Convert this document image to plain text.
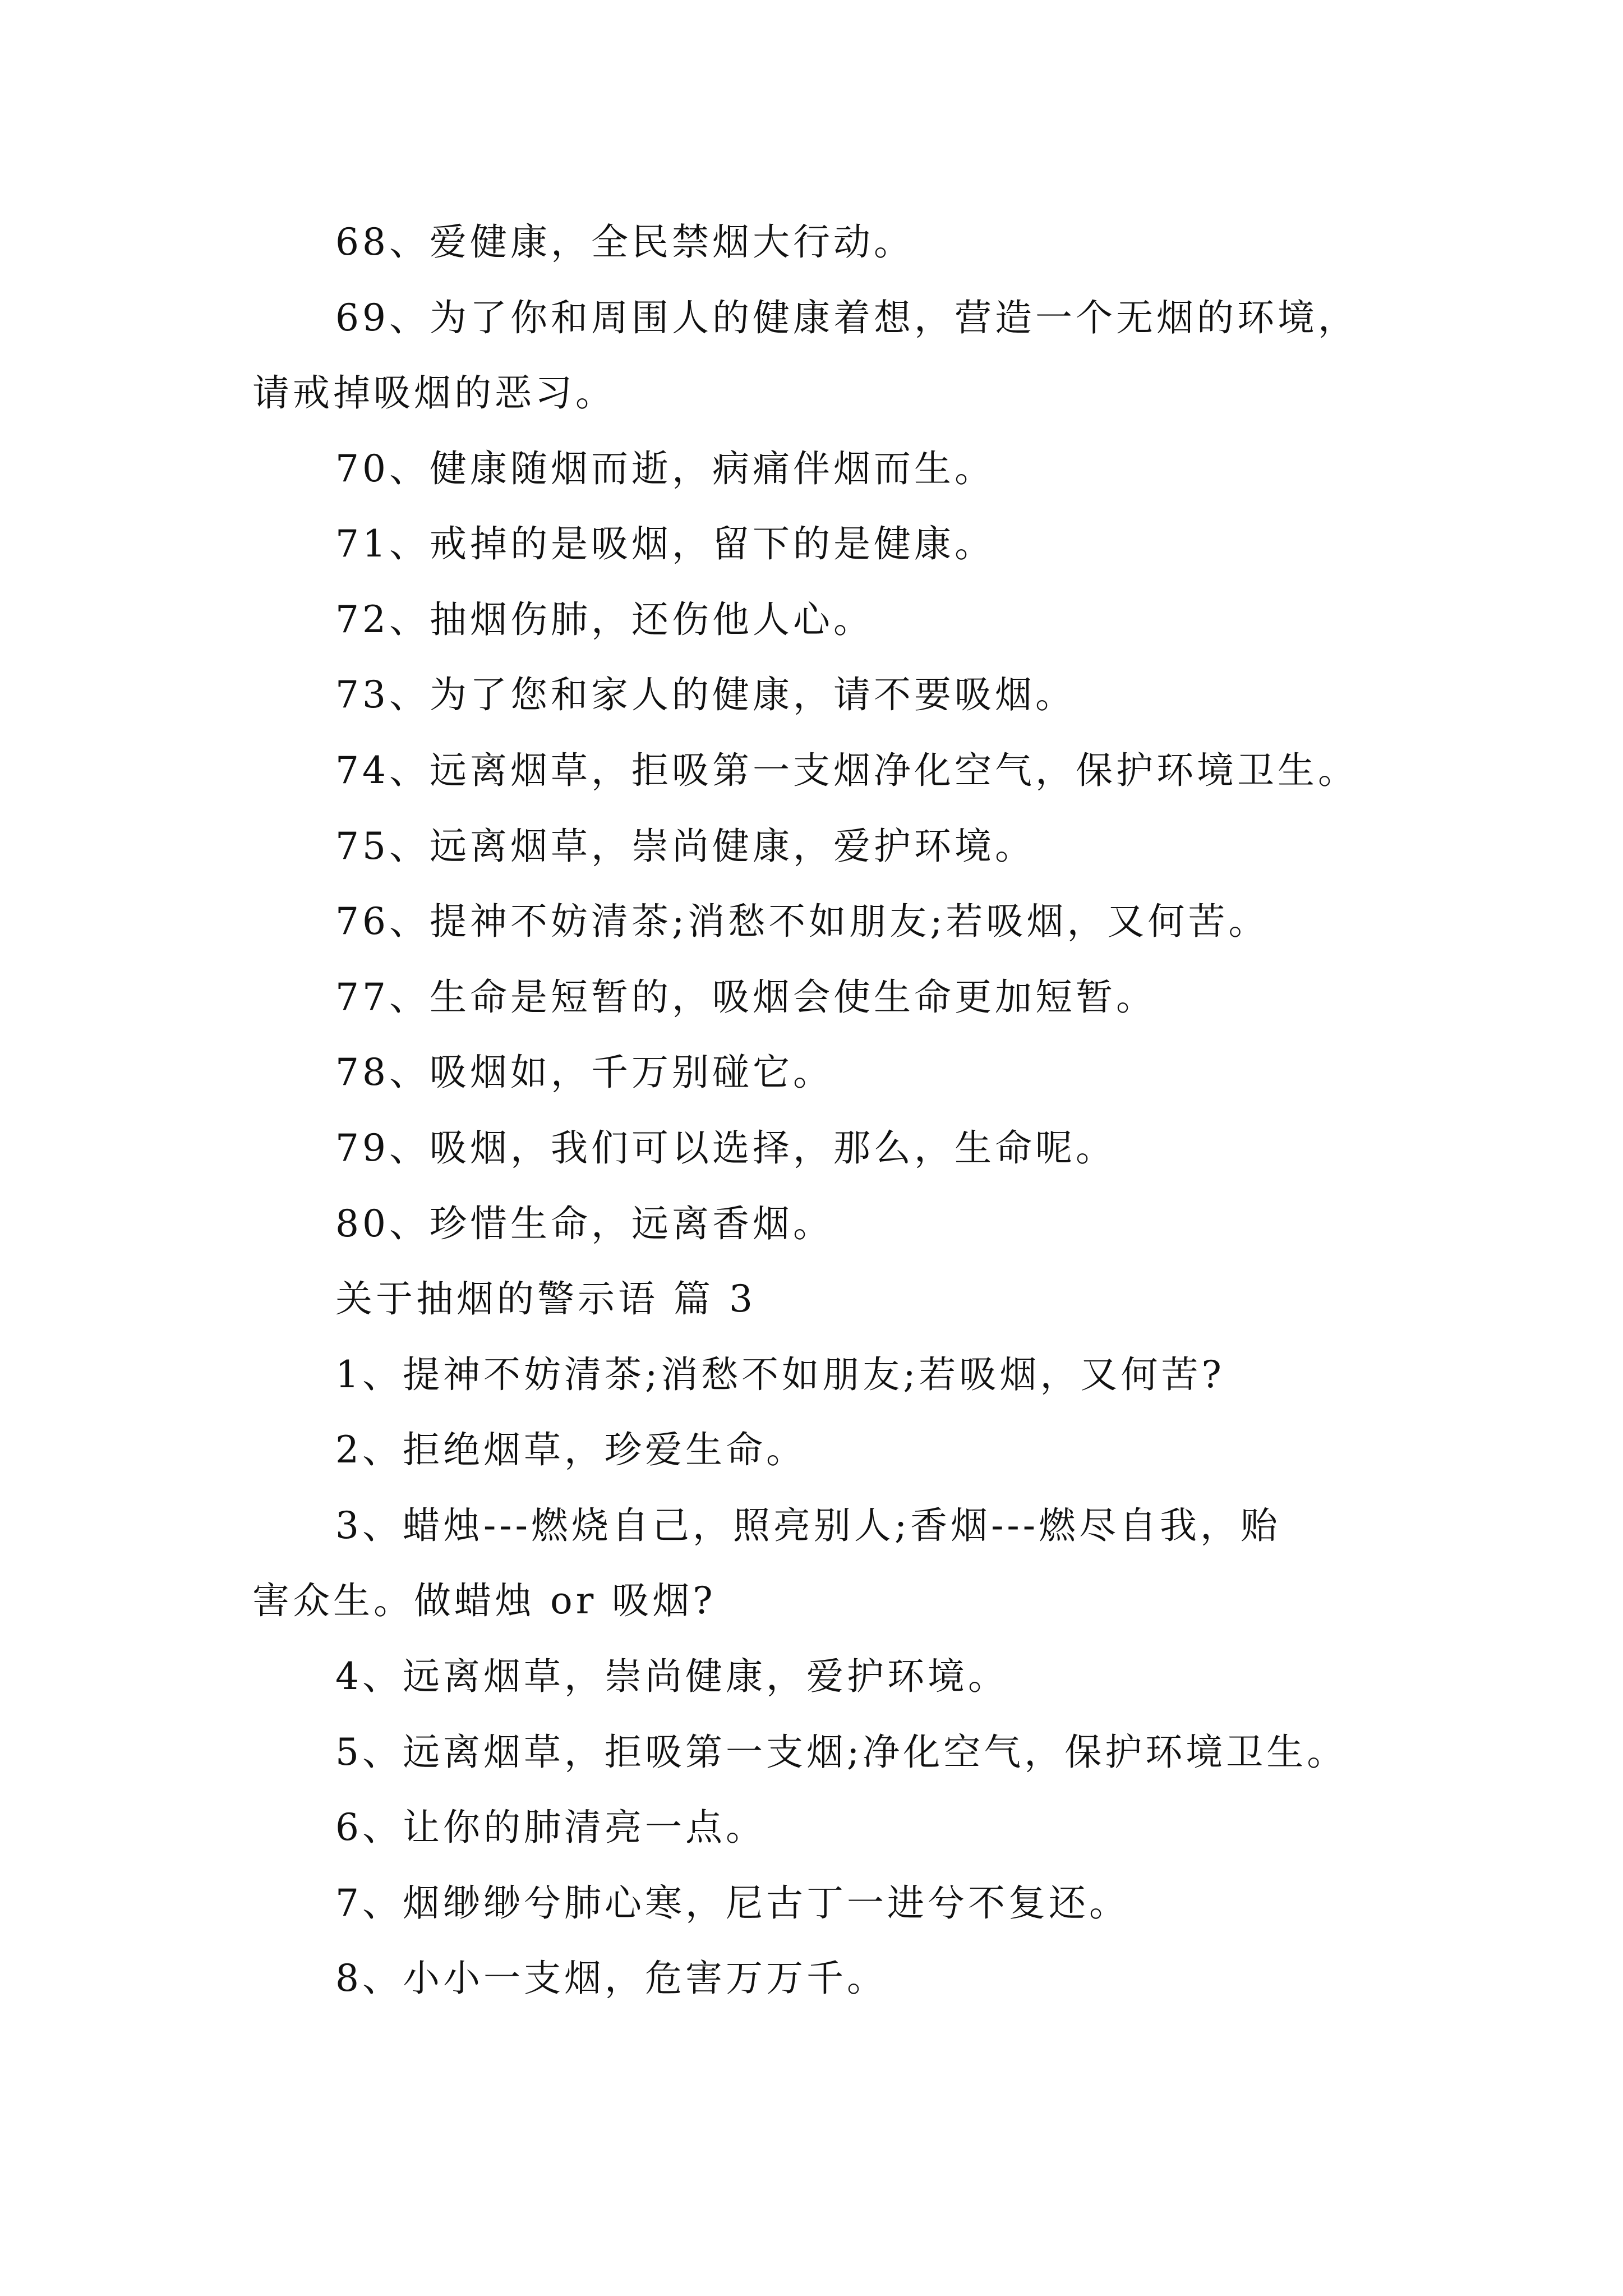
68、爱健康，全民禁烟大行动。
69、为了你和周围人的健康着想，营造一个无烟的环境，
请戒掉吸烟的恶习。
70、健康随烟而逝，病痛伴烟而生。
71、戒掉的是吸烟，留下的是健康。
72、抽烟伤肺，还伤他人心。
73、为了您和家人的健康，请不要吸烟。
74、远离烟草，拒吸第一支烟净化空气，保护环境卫生。
75、远离烟草，崇尚健康，爱护环境。
76、提神不妨清茶;消愁不如朋友;若吸烟，又何苦。
77、生命是短暂的，吸烟会使生命更加短暂。
78、吸烟如，千万别碰它。
79、吸烟，我们可以选择，那么，生命呢。
80、珍惜生命，远离香烟。
关于抽烟的警示语 篇 3
1、提神不妨清茶;消愁不如朋友;若吸烟，又何苦?
2、拒绝烟草，珍爱生命。
3、蜡烛---燃烧自己，照亮别人;香烟---燃尽自我，贻
害众生。做蜡烛 or 吸烟?
4、远离烟草，崇尚健康，爱护环境。
5、远离烟草，拒吸第一支烟;净化空气，保护环境卫生。
6、让你的肺清亮一点。
7、烟缈缈兮肺心寒，尼古丁一进兮不复还。
8、小小一支烟，危害万万千。
